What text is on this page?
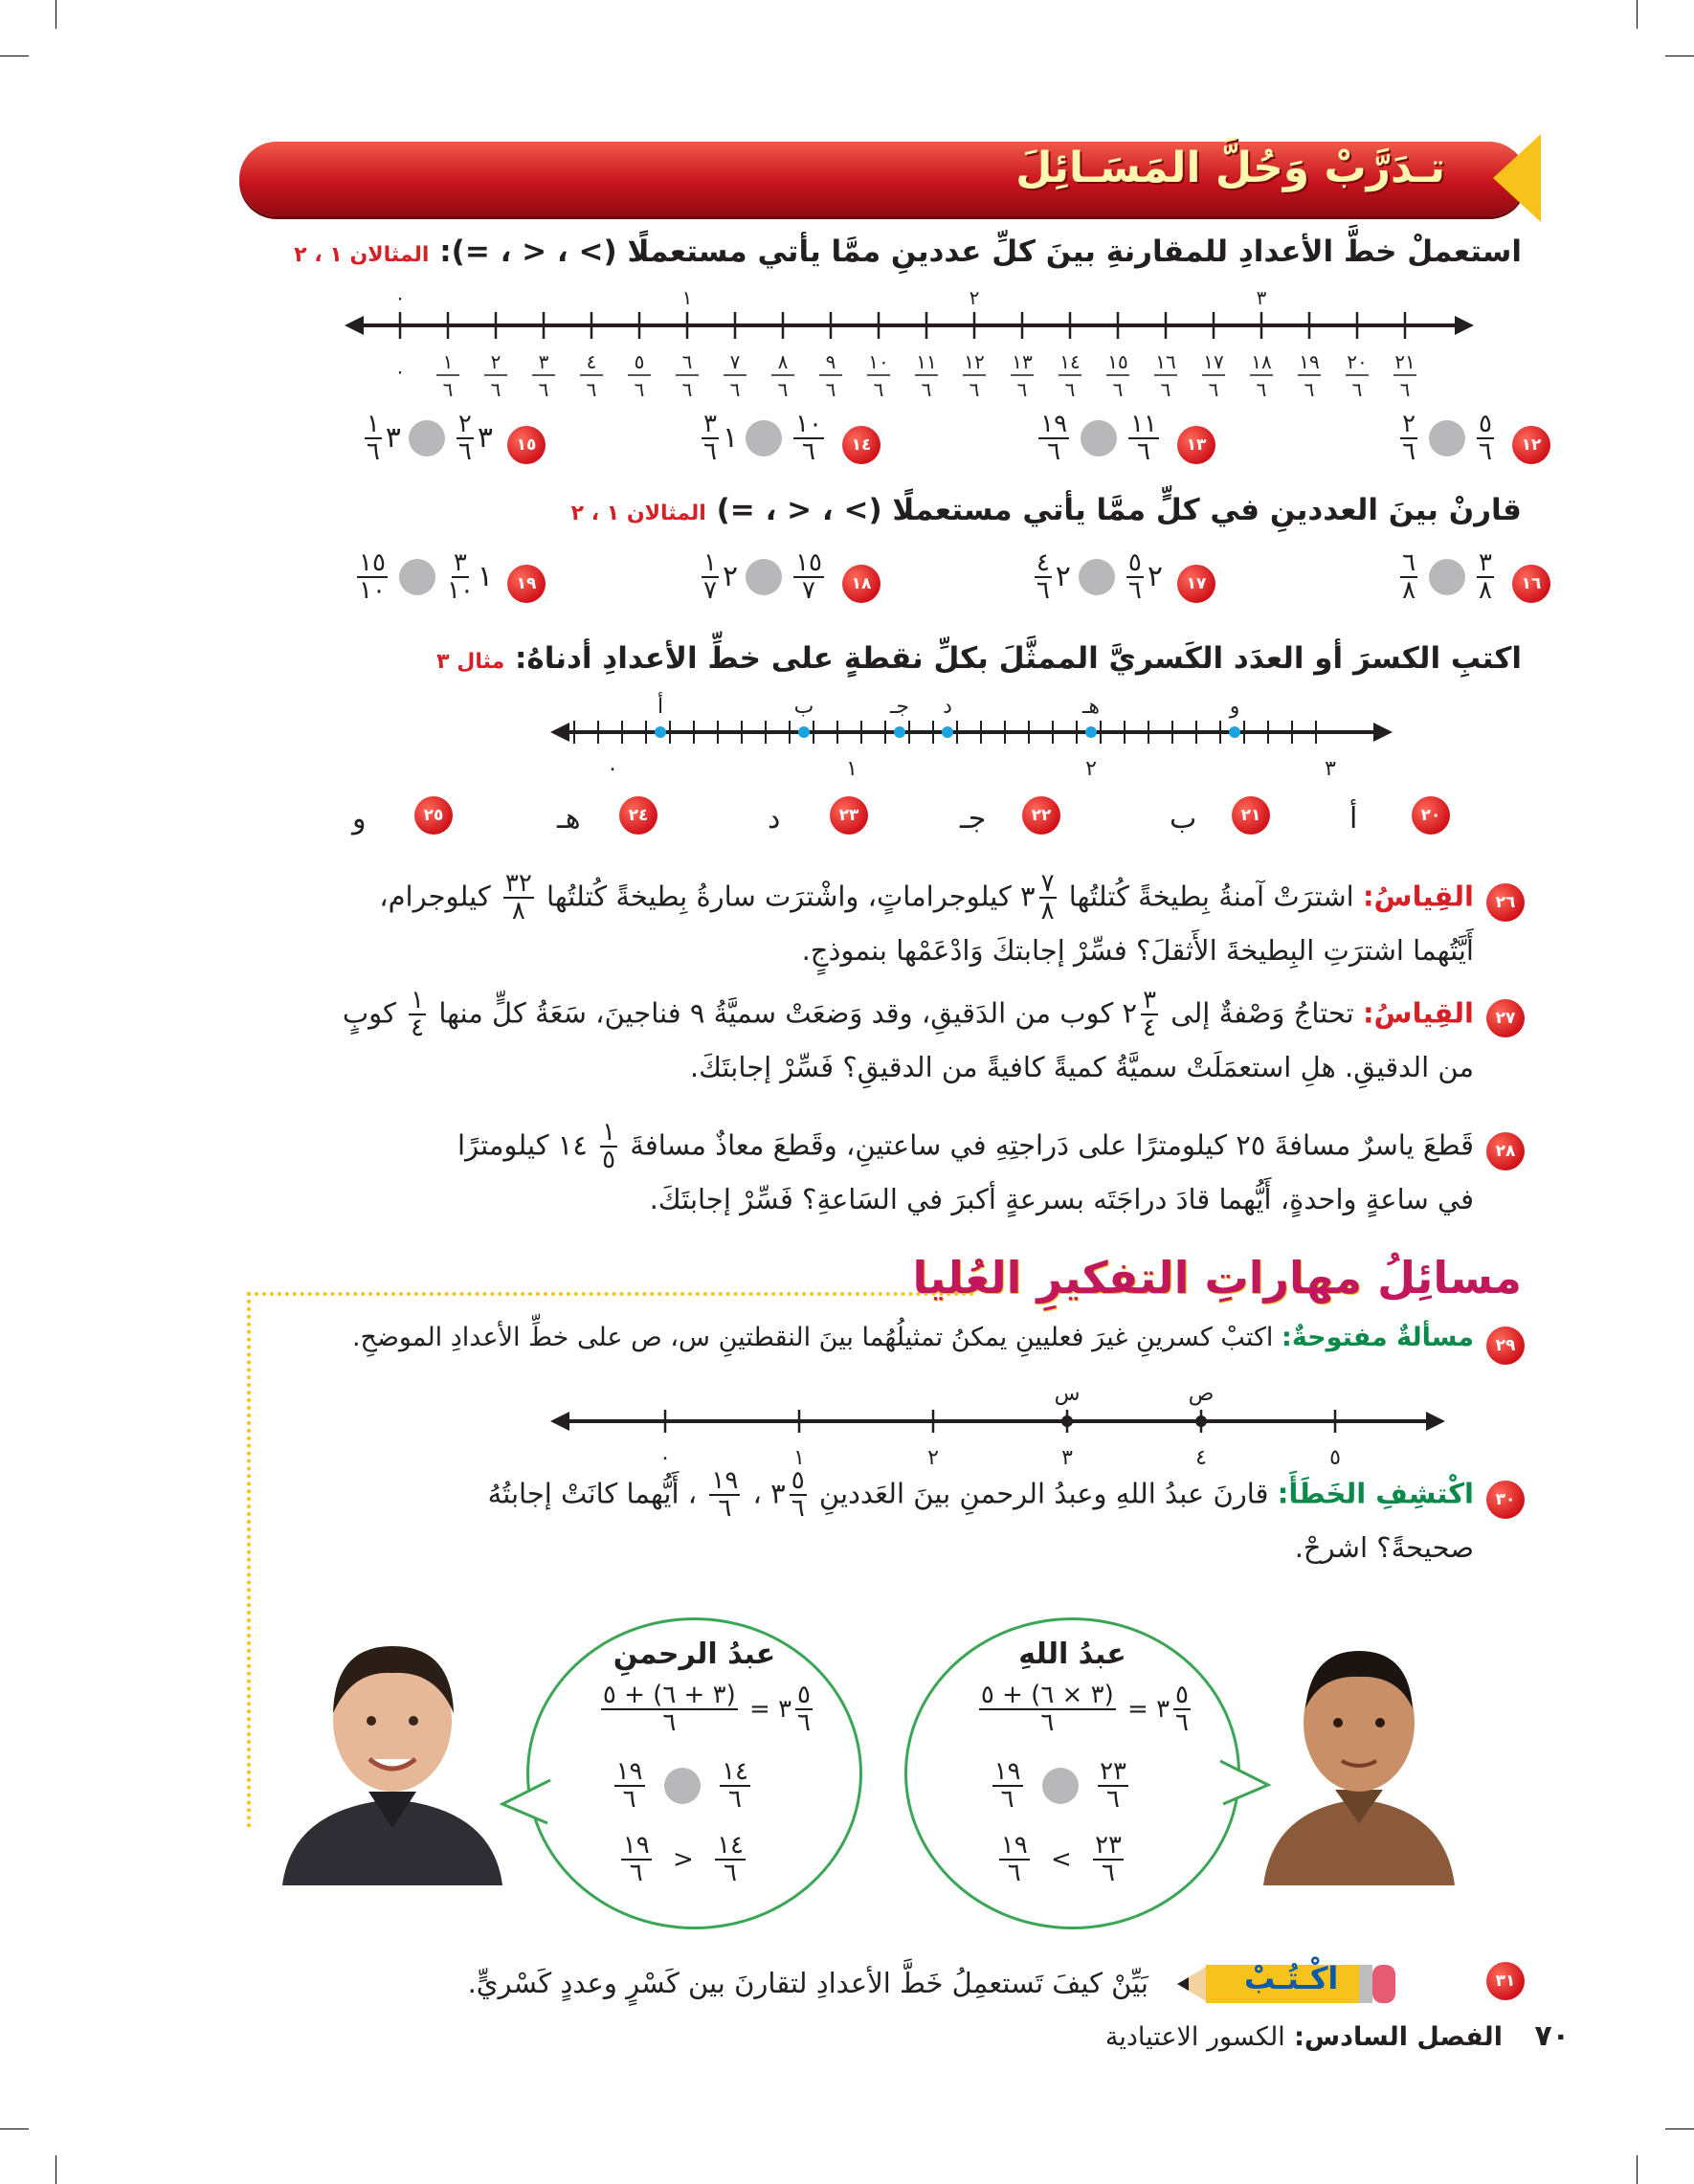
تـدَرَّبْ وَحُلَّ المَسَـائِلَ
استعملْ خطَّ الأعدادِ للمقارنةِ بينَ كلِّ عددينِ ممَّا يأتي مستعملًا (> ، < ، =): المثالان ١ ، ٢
٠ ١
٦
٢
٦
٣
٦
٤
٦
٥
٦
٦
٦
٧
٦
٨
٦
٩
٦
١٠
٦
١١
٦
١٢
٦
١٣
٦
١٤
٦
١٥
٦
١٦
٦
١٧
٦
١٨
٦
١٩
٦
٢٠
٦
٢١
٦
٠	١	٢	٣
١٢
$\frac{٥}{٦}$
$\frac{٢}{٦}$
١٣
$\frac{١١}{٦}$
$\frac{١٩}{٦}$
١٤
$\frac{١٠}{٦}$
١
$\frac{٣}{٦}$
١٥
٣
$\frac{٢}{٦}$
٣
$\frac{١}{٦}$
قارنْ بينَ العددينِ في كلٍّ ممَّا يأتي مستعملًا (> ، < ، =) المثالان ١ ، ٢
١٦
$\frac{٣}{٨}$
$\frac{٦}{٨}$
١٧
٢
$\frac{٥}{٦}$
٢
$\frac{٤}{٦}$
١٨
$\frac{١٥}{٧}$
٢
$\frac{١}{٧}$
١٩
١
$\frac{٣}{١٠}$
$\frac{١٥}{١٠}$
اكتبِ الكسرَ أو العدَد الكَسريَّ الممثَّلَ بكلِّ نقطةٍ على خطِّ الأعدادِ أدناهُ: مثال ٣
٠	١	٢	٣
أ	ب	جـ د	هـ	و
٢٠
أ
٢١
ب
٢٢
جـ
٢٣
د
٢٤
هـ
٢٥
و
٢٦
القِياسُ: اشترَتْ آمنةُ بِطيخةً كُتلتُها
$\frac{٧}{٨}$
٣ كيلوجراماتٍ، واشْترَت سارةُ بِطيخةً كُتلتُها
$\frac{٣٢}{٨}$
كيلوجرام،
أَيَّتُهما اشترَتِ البِطيخةَ الأَثقلَ؟ فسِّرْ إجابتكَ وَادْعَمْها بنموذجٍ.
٢٧
القِياسُ: تحتاجُ وَصْفةٌ إلى
$\frac{٣}{٤}$
٢ كوب من الدَقيقِ، وقد وَضعَتْ سميَّةُ ٩ فناجينَ، سَعَةُ كلٍّ منها
$\frac{١}{٤}$
كوبٍ
من الدقيقِ. هلِ استعمَلَتْ سميَّةُ كميةً كافيةً من الدقيقِ؟ فَسِّرْ إجابتَكَ.
٢٨
قَطعَ ياسرٌ مسافةَ ٢٥ كيلومترًا على دَراجتِهِ في ساعتينِ، وقَطعَ معاذٌ مسافةَ
$\frac{١}{٥}$
١٤ كيلومترًا
في ساعةٍ واحدةٍ، أَيُّهما قادَ دراجَتَه بسرعةٍ أكبرَ في السَاعةِ؟ فَسِّرْ إجابتَكَ.
مسائِلُ مهاراتِ التفكيرِ العُليا
٢٩
مسألةٌ مفتوحةٌ: اكتبْ كسرينِ غيرَ فعليينِ يمكنُ تمثيلُهُما بينَ النقطتينِ س، ص على خطِّ الأعدادِ الموضحِ.
٠	١	٢	٣	٤	٥
س	ص
٣٠
اكْتشِفِ الخَطَأَ: قارنَ عبدُ اللهِ وعبدُ الرحمنِ بينَ العَددينِ
$\frac{٥}{٦}$
٣ ،
$\frac{١٩}{٦}$
، أَيُّهما كانَتْ إجابتُهُ
صحيحةً؟ اشرحْ.
عبدُ اللهِ
$\frac{٥}{٦}$
٣ =
$\frac{(٣ \times ٦) + ٥}{٦}$
$\frac{٢٣}{٦}$

$\frac{١٩}{٦}$
$\frac{٢٣}{٦}$
>
$\frac{١٩}{٦}$
عبدُ الرحمنِ
$\frac{٥}{٦}$
٣ =
$\frac{(٣ + ٦) + ٥}{٦}$
$\frac{١٤}{٦}$

$\frac{١٩}{٦}$
$\frac{١٤}{٦}$
<
$\frac{١٩}{٦}$
٣١
اكْـتُـبْ
بَيِّنْ كيفَ تَستعمِلُ خَطَّ الأعدادِ لتقارنَ بين كَسْرٍ وعددٍ كَسْريٍّ.
٧٠ الفصل السادس: الكسور الاعتيادية
